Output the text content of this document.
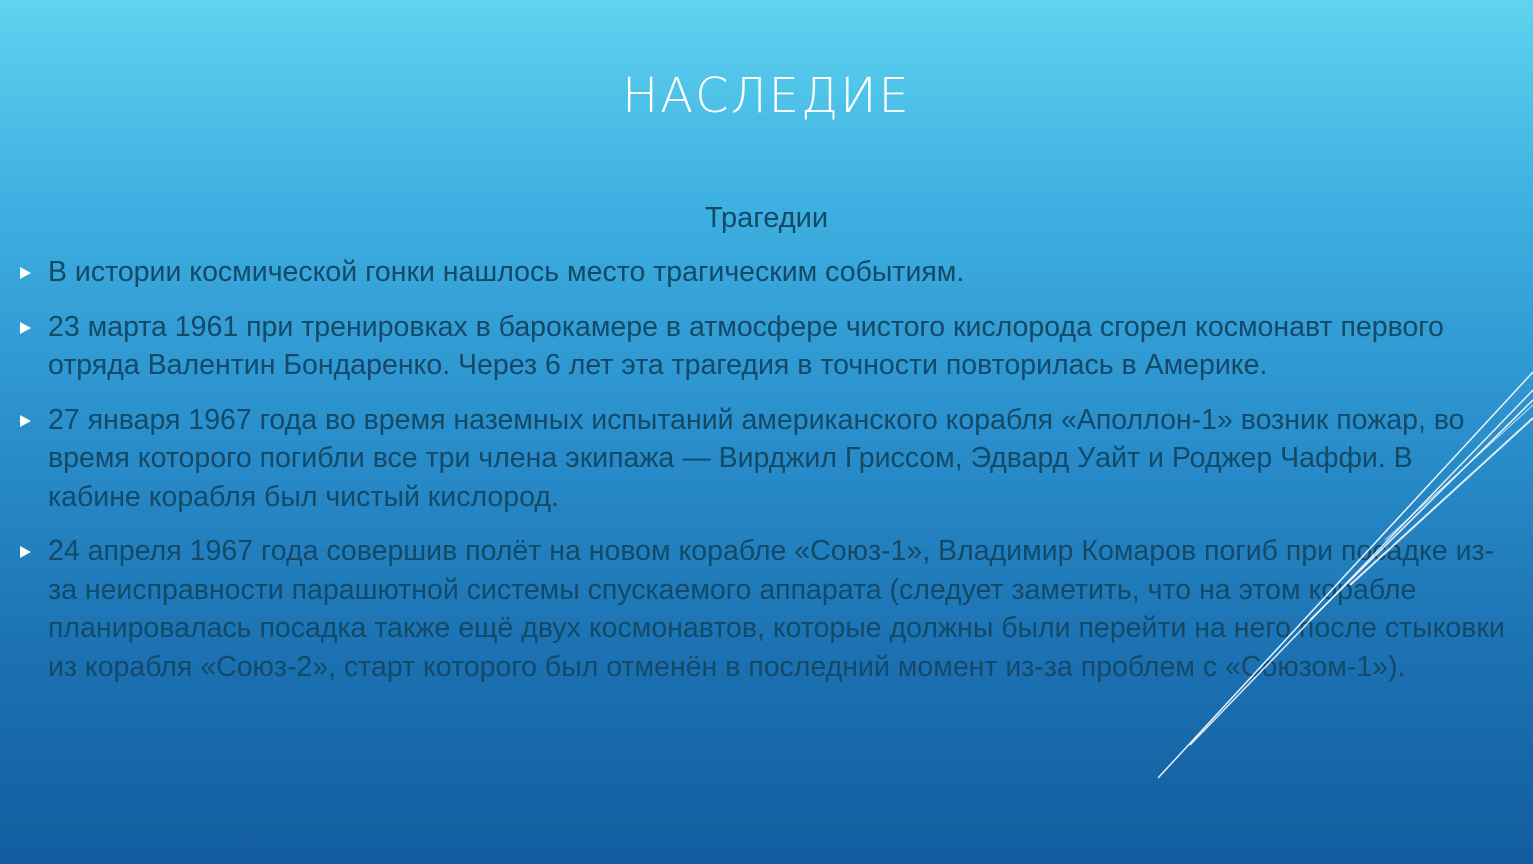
НАСЛЕДИЕ
Трагедии
В истории космической гонки нашлось место трагическим событиям.
23 марта 1961 при тренировках в барокамере в атмосфере чистого кислорода сгорел космонавт первого отряда Валентин Бондаренко. Через 6 лет эта трагедия в точности повторилась в Америке.
27 января 1967 года во время наземных испытаний американского корабля «Аполлон-1» возник пожар, во время которого погибли все три члена экипажа — Вирджил Гриссом, Эдвард Уайт и Роджер Чаффи. В кабине корабля был чистый кислород.
24 апреля 1967 года совершив полёт на новом корабле «Союз-1», Владимир Комаров погиб при посадке из-за неисправности парашютной системы спускаемого аппарата (следует заметить, что на этом корабле планировалась посадка также ещё двух космонавтов, которые должны были перейти на него после стыковки из корабля «Союз-2», старт которого был отменён в последний момент из-за проблем с «Союзом-1»).
